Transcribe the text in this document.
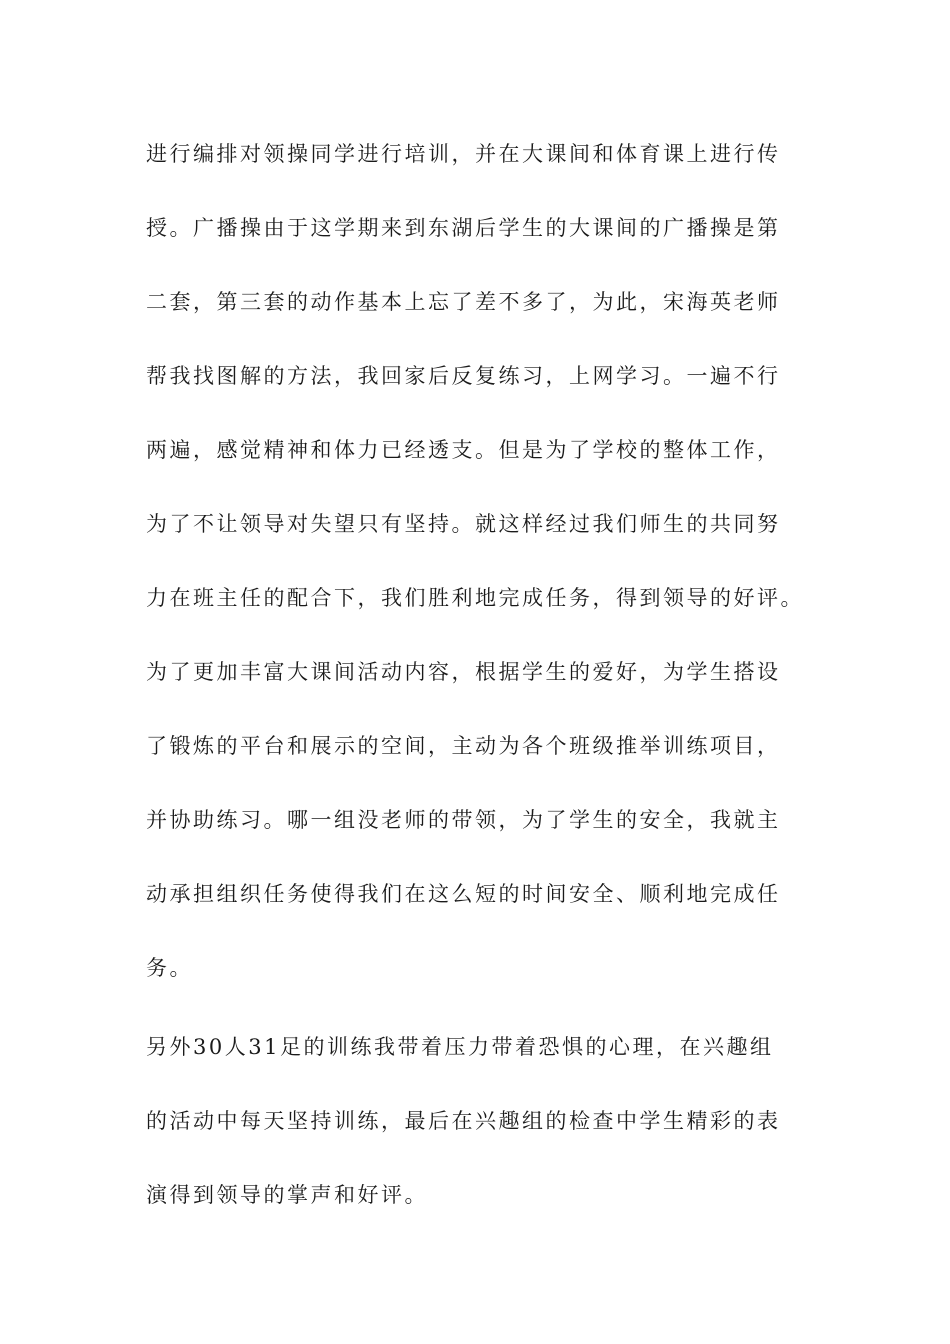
进行编排对领操同学进行培训，并在大课间和体育课上进行传
授。广播操由于这学期来到东湖后学生的大课间的广播操是第
二套，第三套的动作基本上忘了差不多了，为此，宋海英老师
帮我找图解的方法，我回家后反复练习，上网学习。一遍不行
两遍，感觉精神和体力已经透支。但是为了学校的整体工作，
为了不让领导对失望只有坚持。就这样经过我们师生的共同努
力在班主任的配合下，我们胜利地完成任务，得到领导的好评。
为了更加丰富大课间活动内容，根据学生的爱好，为学生搭设
了锻炼的平台和展示的空间，主动为各个班级推举训练项目，
并协助练习。哪一组没老师的带领，为了学生的安全，我就主
动承担组织任务使得我们在这么短的时间安全、顺利地完成任
务。
另外30人31足的训练我带着压力带着恐惧的心理，在兴趣组
的活动中每天坚持训练，最后在兴趣组的检查中学生精彩的表
演得到领导的掌声和好评。
